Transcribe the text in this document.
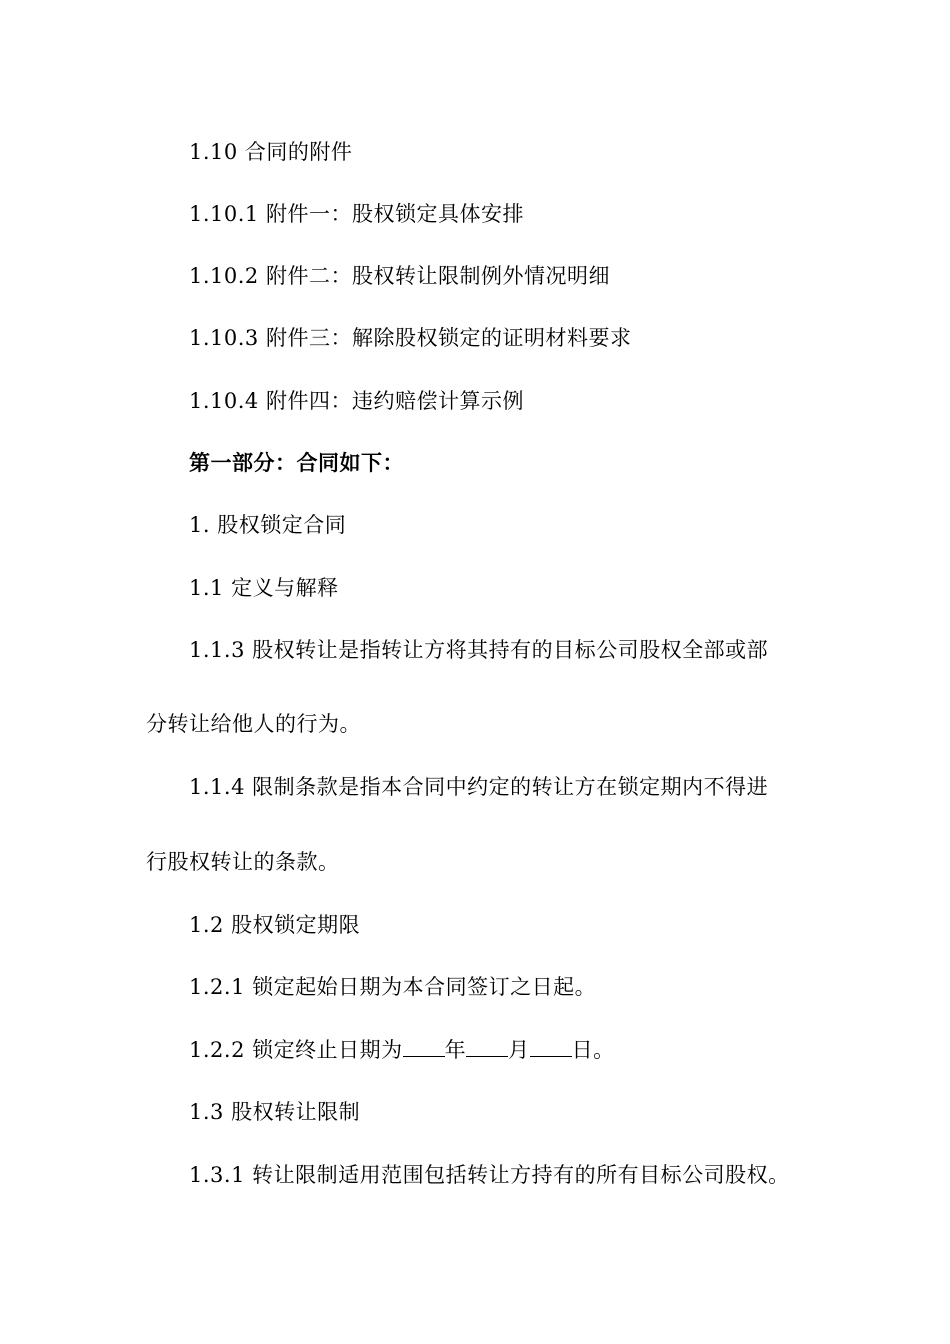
1.10 合同的附件
1.10.1 附件一：股权锁定具体安排
1.10.2 附件二：股权转让限制例外情况明细
1.10.3 附件三：解除股权锁定的证明材料要求
1.10.4 附件四：违约赔偿计算示例
第一部分：合同如下：
1. 股权锁定合同
1.1 定义与解释
1.1.3 股权转让是指转让方将其持有的目标公司股权全部或部
分转让给他人的行为。
1.1.4 限制条款是指本合同中约定的转让方在锁定期内不得进
行股权转让的条款。
1.2 股权锁定期限
1.2.1 锁定起始日期为本合同签订之日起。
1.2.2 锁定终止日期为 年 月 日。
1.3 股权转让限制
1.3.1 转让限制适用范围包括转让方持有的所有目标公司股权。
